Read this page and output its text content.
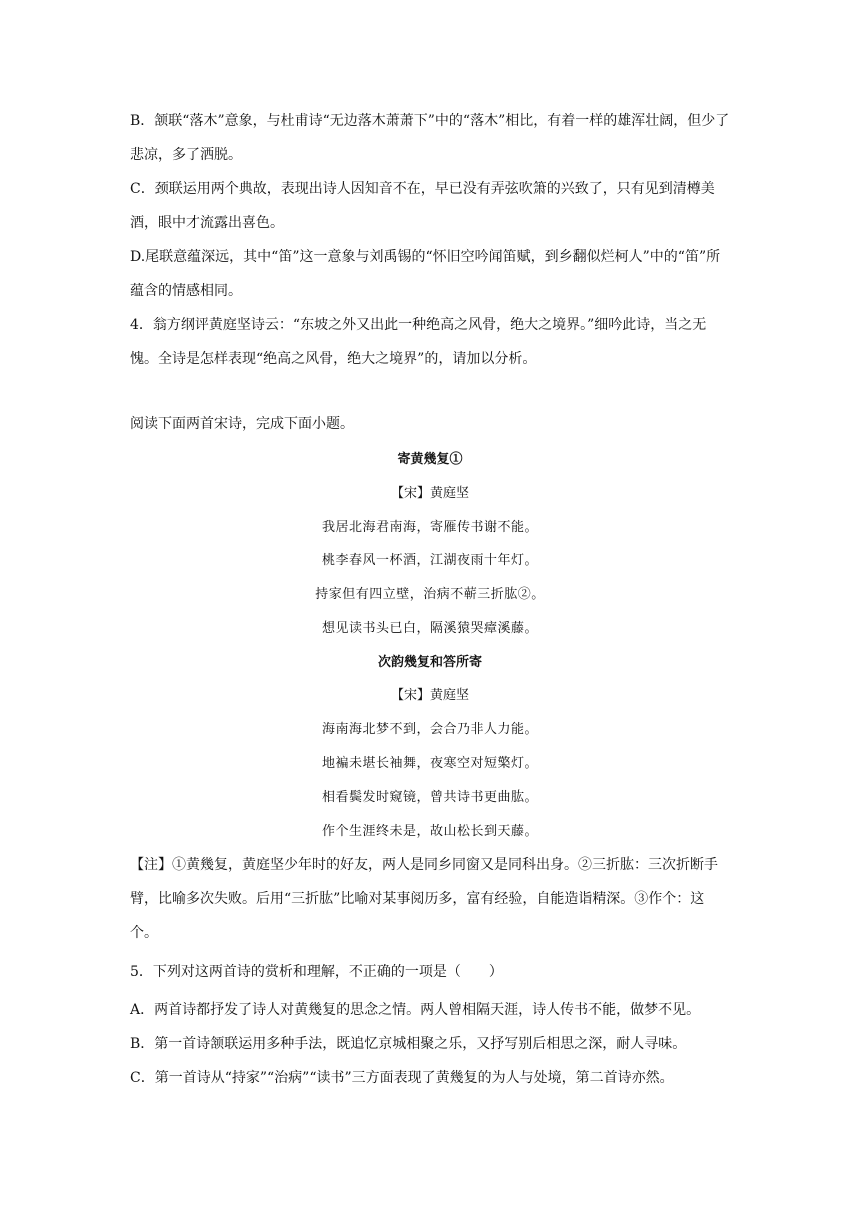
B．颔联“落木”意象，与杜甫诗“无边落木萧萧下”中的“落木”相比，有着一样的雄浑壮阔，但少了悲凉，多了洒脱。

C．颈联运用两个典故，表现出诗人因知音不在，早已没有弄弦吹箫的兴致了，只有见到清樽美酒，眼中才流露出喜色。

D.尾联意蕴深远，其中“笛”这一意象与刘禹锡的“怀旧空吟闻笛赋，到乡翻似烂柯人”中的“笛”所蕴含的情感相同。

4．翁方纲评黄庭坚诗云：“东坡之外又出此一种绝高之风骨，绝大之境界。”细吟此诗，当之无愧。全诗是怎样表现“绝高之风骨，绝大之境界”的，请加以分析。

阅读下面两首宋诗，完成下面小题。

寄黄幾复①

【宋】黄庭坚

我居北海君南海，寄雁传书谢不能。

桃李春风一杯酒，江湖夜雨十年灯。

持家但有四立壁，治病不蕲三折肱②。

想见读书头已白，隔溪猿哭瘴溪藤。

次韵幾复和答所寄

【宋】黄庭坚

海南海北梦不到，会合乃非人力能。

地褊未堪长袖舞，夜寒空对短檠灯。

相看鬓发时窥镜，曾共诗书更曲肱。

作个生涯终未是，故山松长到天藤。

【注】①黄幾复，黄庭坚少年时的好友，两人是同乡同窗又是同科出身。②三折肱：三次折断手臂，比喻多次失败。后用“三折肱”比喻对某事阅历多，富有经验，自能造诣精深。③作个：这个。

5．下列对这两首诗的赏析和理解，不正确的一项是（　　）

A．两首诗都抒发了诗人对黄幾复的思念之情。两人曾相隔天涯，诗人传书不能，做梦不见。

B．第一首诗颔联运用多种手法，既追忆京城相聚之乐，又抒写别后相思之深，耐人寻味。

C．第一首诗从“持家”“治病”“读书”三方面表现了黄幾复的为人与处境，第二首诗亦然。
